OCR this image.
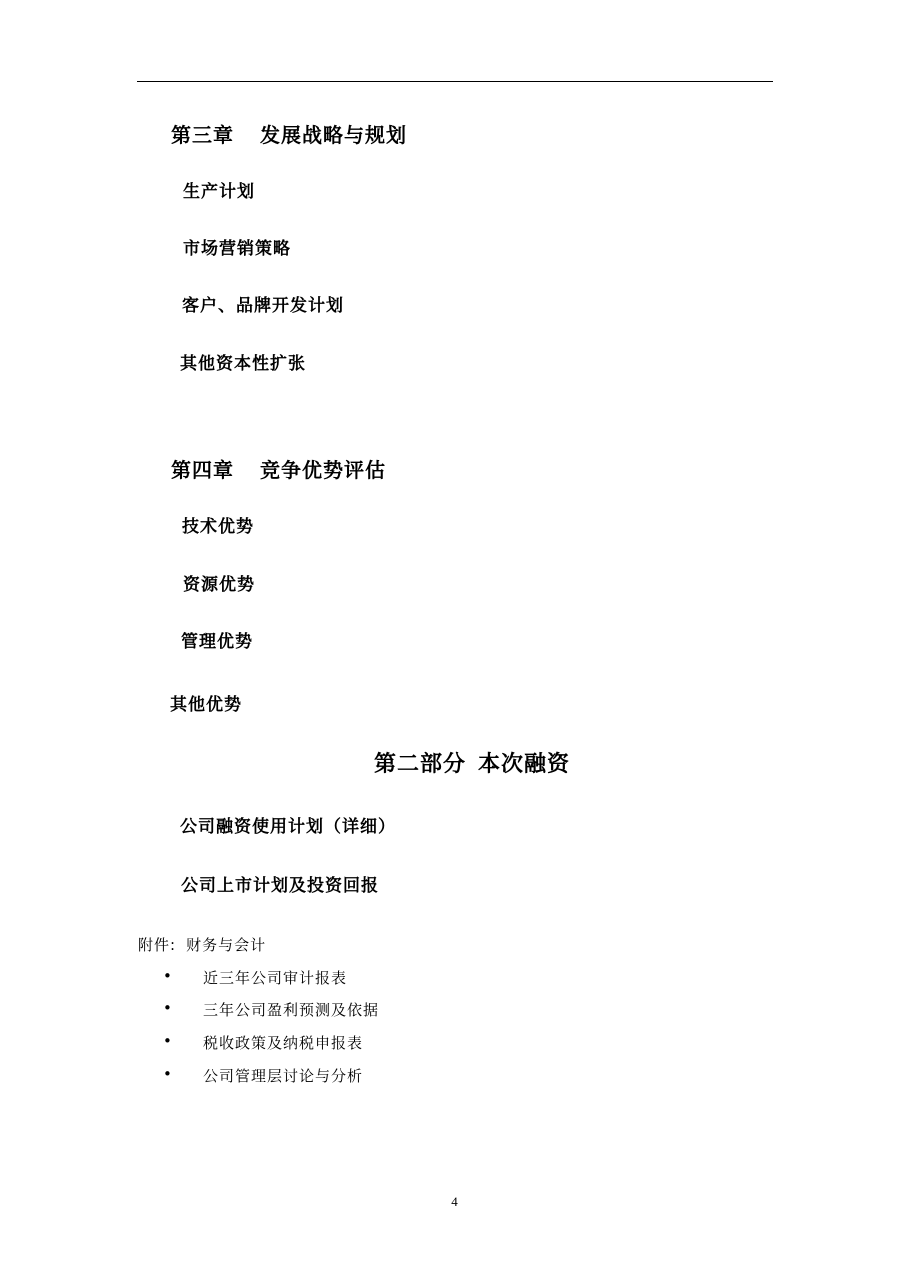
第三章 发展战略与规划
生产计划
市场营销策略
客户、品牌开发计划
其他资本性扩张
第四章 竞争优势评估
技术优势
资源优势
管理优势
其他优势
第二部分 本次融资
公司融资使用计划（详细）
公司上市计划及投资回报
附件: 财务与会计
• 近三年公司审计报表
• 三年公司盈利预测及依据
• 税收政策及纳税申报表
• 公司管理层讨论与分析
4
